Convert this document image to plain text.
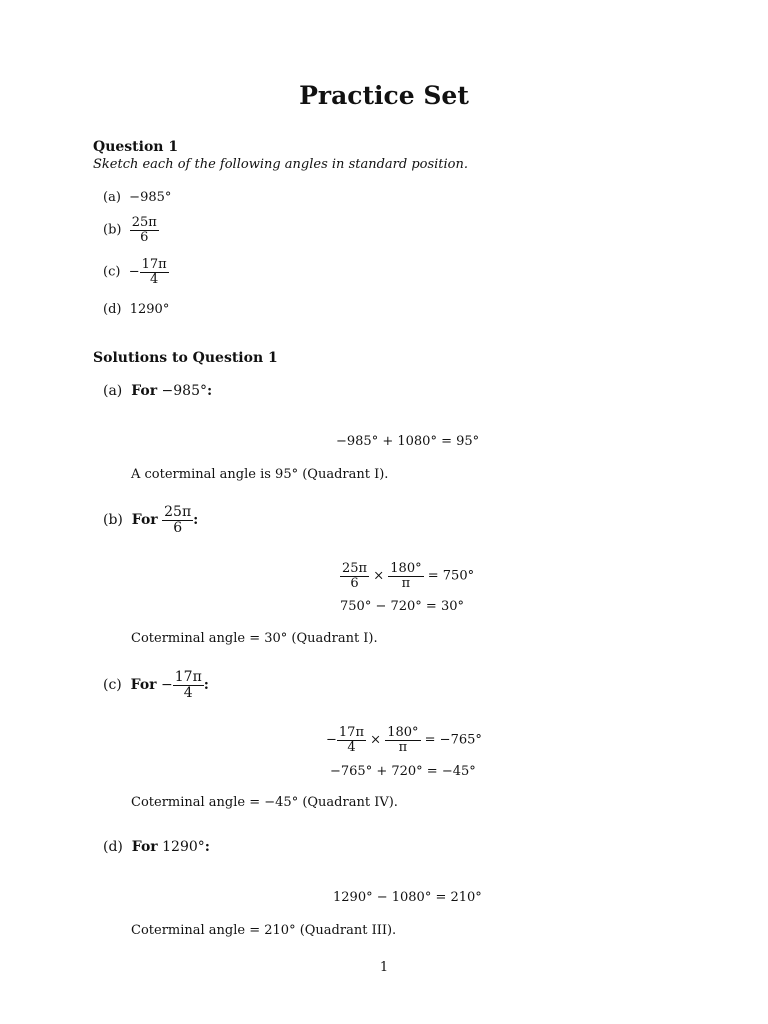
Practice Set
Question 1
Sketch each of the following angles in standard position.
(a) −985°
$(b) \frac{25\pi}{6}$
$(c) - \frac{17\pi}{4}$
(d) 1290°
Solutions to Question 1
(a) For −985°:
−985° + 1080° = 95°
A coterminal angle is 95° (Quadrant I).
(b) For $\frac{25\pi}{6}$ :
$\frac{25\pi}{6} \times \frac{180^\circ}{\pi} = 750^\circ$
750° − 720° = 30°
Coterminal angle = 30° (Quadrant I).
(c) For − $\frac{17\pi}{4}$ :
− $\frac{17\pi}{4} \times \frac{180^\circ}{\pi} = -765^\circ$
−765° + 720° = −45°
Coterminal angle = −45° (Quadrant IV).
(d) For 1290°:
1290° − 1080° = 210°
Coterminal angle = 210° (Quadrant III).
1
